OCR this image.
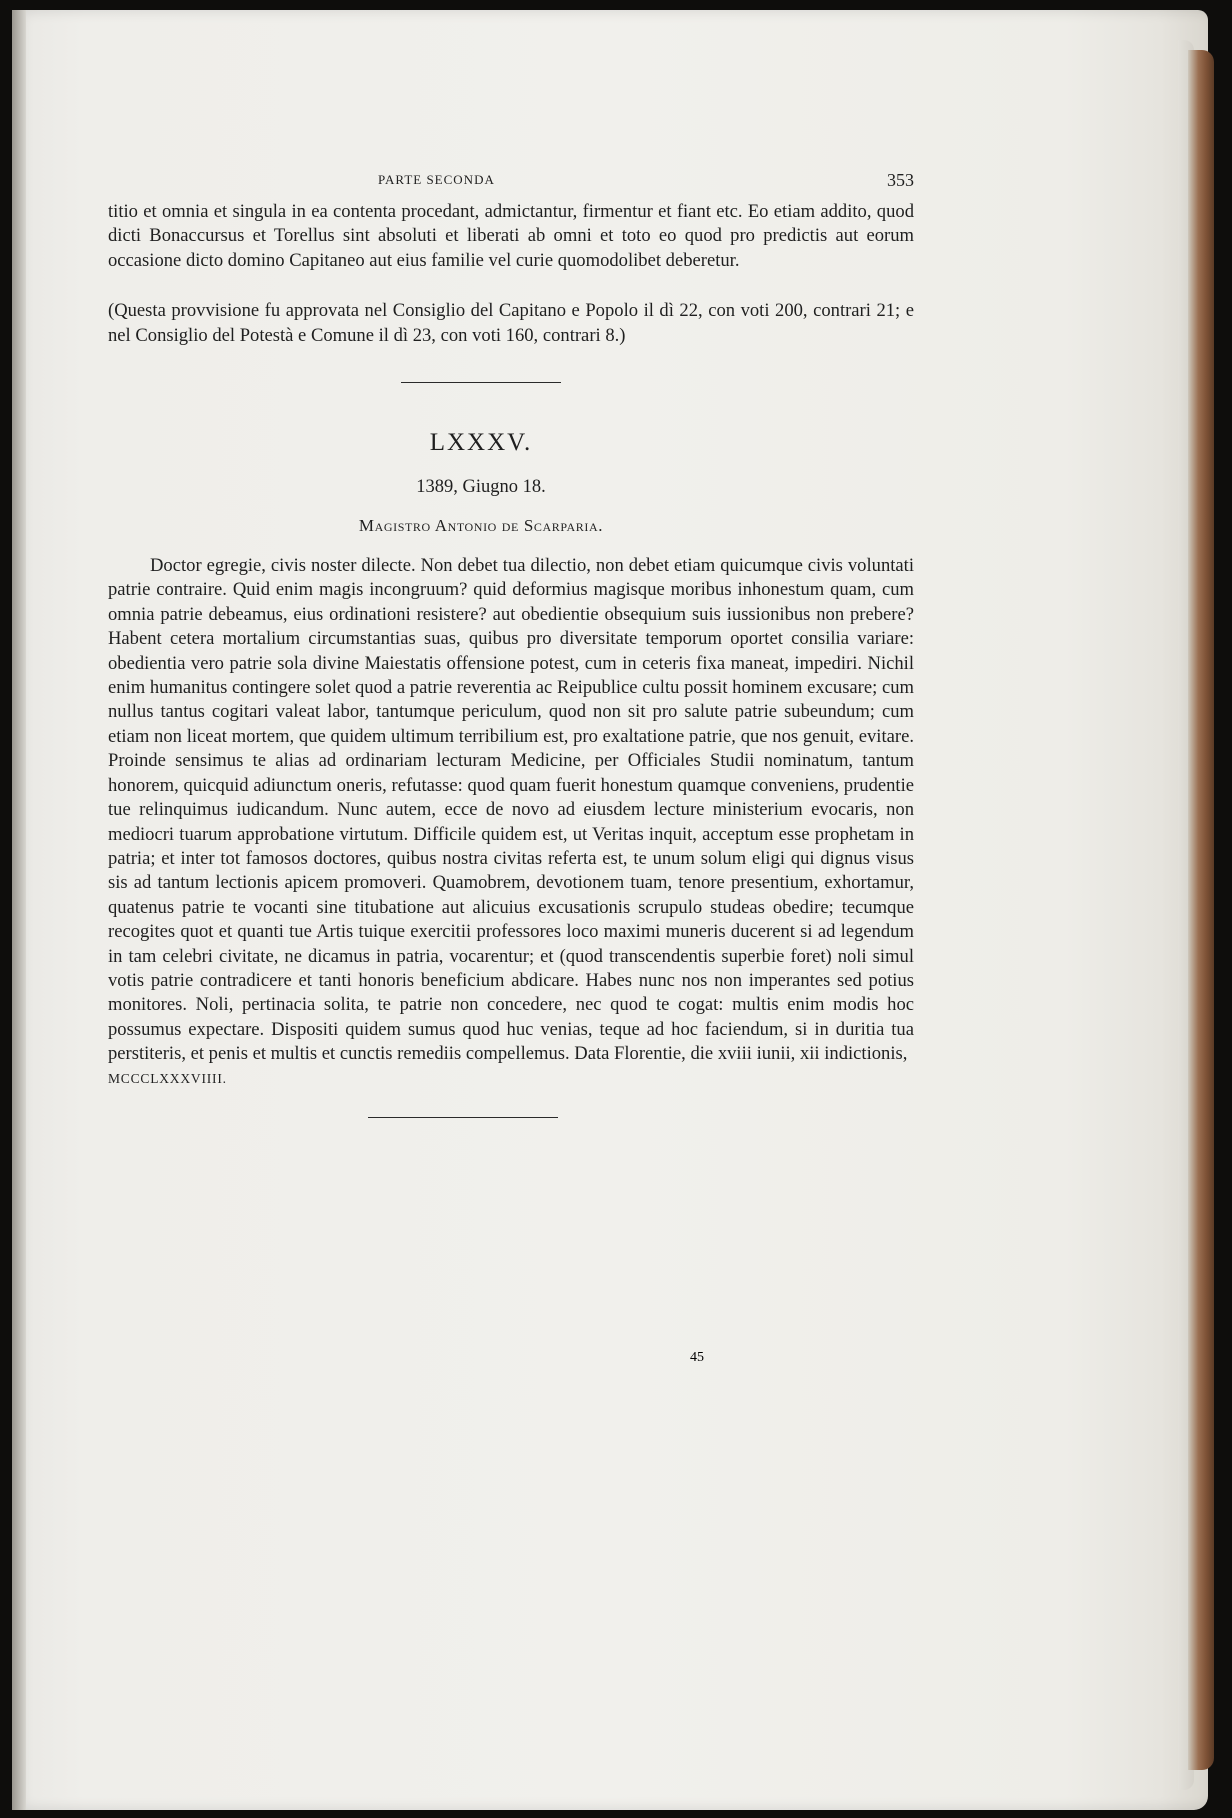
PARTE SECONDA	353

titio et omnia et singula in ea contenta procedant, admictantur, firmentur et fiant etc. Eo etiam addito, quod dicti Bonaccursus et Torellus sint absoluti et liberati ab omni et toto eo quod pro predictis aut eorum occasione dicto domino Capitaneo aut eius familie vel curie quomodolibet deberetur.

(Questa provvisione fu approvata nel Consiglio del Capitano e Popolo il dì 22, con voti 200, contrari 21; e nel Consiglio del Potestà e Comune il dì 23, con voti 160, contrari 8.)

LXXXV.
1389, Giugno 18.
Magistro Antonio de Scarparia.

Doctor egregie, civis noster dilecte. Non debet tua dilectio, non debet etiam quicumque civis voluntati patrie contraire. Quid enim magis incongruum? quid deformius magisque moribus inhonestum quam, cum omnia patrie debeamus, eius ordinationi resistere? aut obedientie obsequium suis iussionibus non prebere? Habent cetera mortalium circumstantias suas, quibus pro diversitate temporum oportet consilia variare: obedientia vero patrie sola divine Maiestatis offensione potest, cum in ceteris fixa maneat, impediri. Nichil enim humanitus contingere solet quod a patrie reverentia ac Reipublice cultu possit hominem excusare; cum nullus tantus cogitari valeat labor, tantumque periculum, quod non sit pro salute patrie subeundum; cum etiam non liceat mortem, que quidem ultimum terribilium est, pro exaltatione patrie, que nos genuit, evitare. Proinde sensimus te alias ad ordinariam lecturam Medicine, per Officiales Studii nominatum, tantum honorem, quicquid adiunctum oneris, refutasse: quod quam fuerit honestum quamque conveniens, prudentie tue relinquimus iudicandum. Nunc autem, ecce de novo ad eiusdem lecture ministerium evocaris, non mediocri tuarum approbatione virtutum. Difficile quidem est, ut Veritas inquit, acceptum esse prophetam in patria; et inter tot famosos doctores, quibus nostra civitas referta est, te unum solum eligi qui dignus visus sis ad tantum lectionis apicem promoveri. Quamobrem, devotionem tuam, tenore presentium, exhortamur, quatenus patrie te vocanti sine titubatione aut alicuius excusationis scrupulo studeas obedire; tecumque recogites quot et quanti tue Artis tuique exercitii professores loco maximi muneris ducerent si ad legendum in tam celebri civitate, ne dicamus in patria, vocarentur; et (quod transcendentis superbie foret) noli simul votis patrie contradicere et tanti honoris beneficium abdicare. Habes nunc nos non imperantes sed potius monitores. Noli, pertinacia solita, te patrie non concedere, nec quod te cogat: multis enim modis hoc possumus expectare. Dispositi quidem sumus quod huc venias, teque ad hoc faciendum, si in duritia tua perstiteris, et penis et multis et cunctis remediis compellemus. Data Florentie, die xviii iunii, xii indictionis,

MCCCLXXXVIIII.
45
